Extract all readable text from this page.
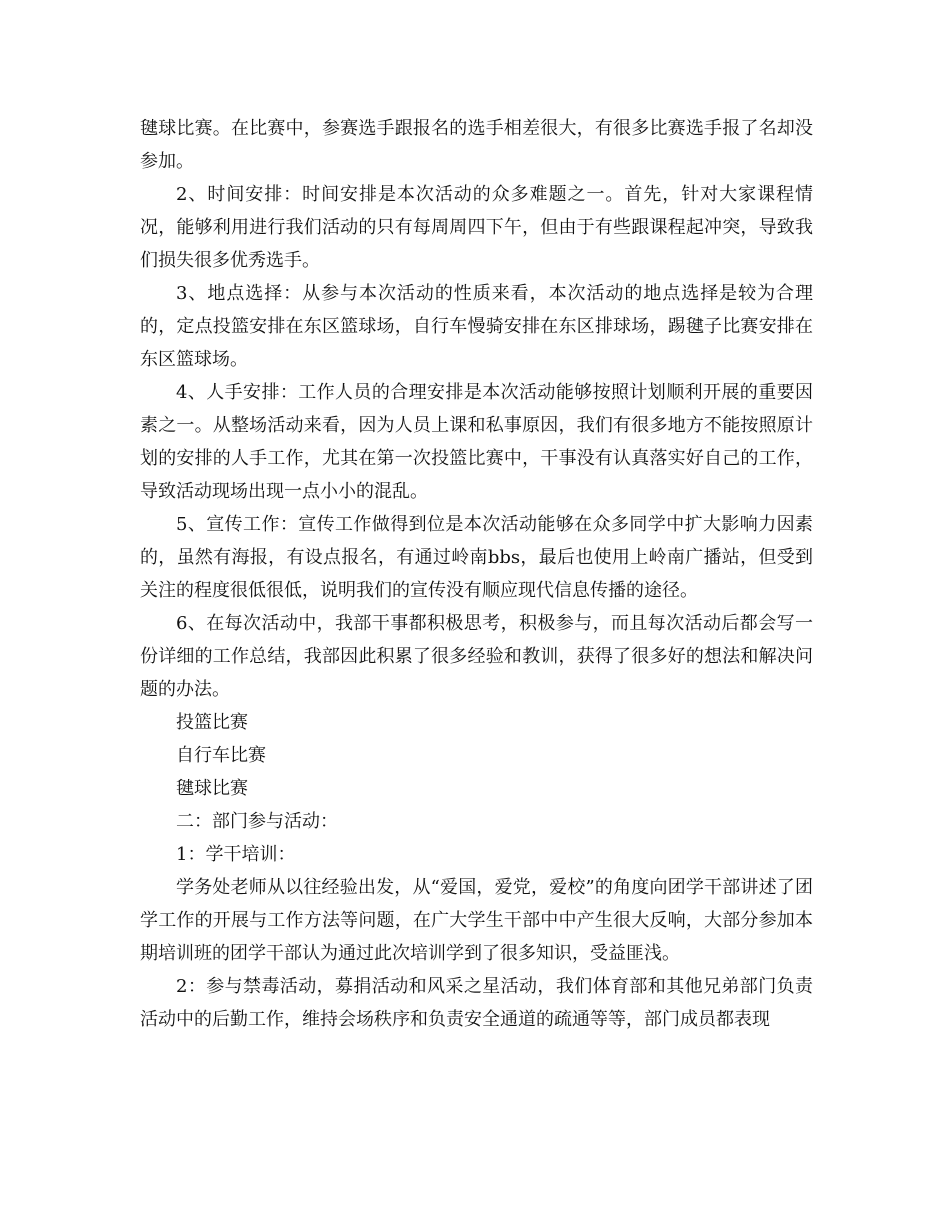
毽球比赛。在比赛中，参赛选手跟报名的选手相差很大，有很多比赛选手报了名却没参加。

2、时间安排：时间安排是本次活动的众多难题之一。首先，针对大家课程情况，能够利用进行我们活动的只有每周周四下午，但由于有些跟课程起冲突，导致我们损失很多优秀选手。

3、地点选择：从参与本次活动的性质来看，本次活动的地点选择是较为合理的，定点投篮安排在东区篮球场，自行车慢骑安排在东区排球场，踢毽子比赛安排在东区篮球场。

4、人手安排：工作人员的合理安排是本次活动能够按照计划顺利开展的重要因素之一。从整场活动来看，因为人员上课和私事原因，我们有很多地方不能按照原计划的安排的人手工作，尤其在第一次投篮比赛中，干事没有认真落实好自己的工作，导致活动现场出现一点小小的混乱。

5、宣传工作：宣传工作做得到位是本次活动能够在众多同学中扩大影响力因素的，虽然有海报，有设点报名，有通过岭南bbs，最后也使用上岭南广播站，但受到关注的程度很低很低，说明我们的宣传没有顺应现代信息传播的途径。

6、在每次活动中，我部干事都积极思考，积极参与，而且每次活动后都会写一份详细的工作总结，我部因此积累了很多经验和教训，获得了很多好的想法和解决问题的办法。

投篮比赛

自行车比赛

毽球比赛

二：部门参与活动：

1：学干培训：

学务处老师从以往经验出发，从“爱国，爱党，爱校”的角度向团学干部讲述了团学工作的开展与工作方法等问题，在广大学生干部中中产生很大反响，大部分参加本期培训班的团学干部认为通过此次培训学到了很多知识，受益匪浅。

2：参与禁毒活动，募捐活动和风采之星活动，我们体育部和其他兄弟部门负责活动中的后勤工作，维持会场秩序和负责安全通道的疏通等等，部门成员都表现
